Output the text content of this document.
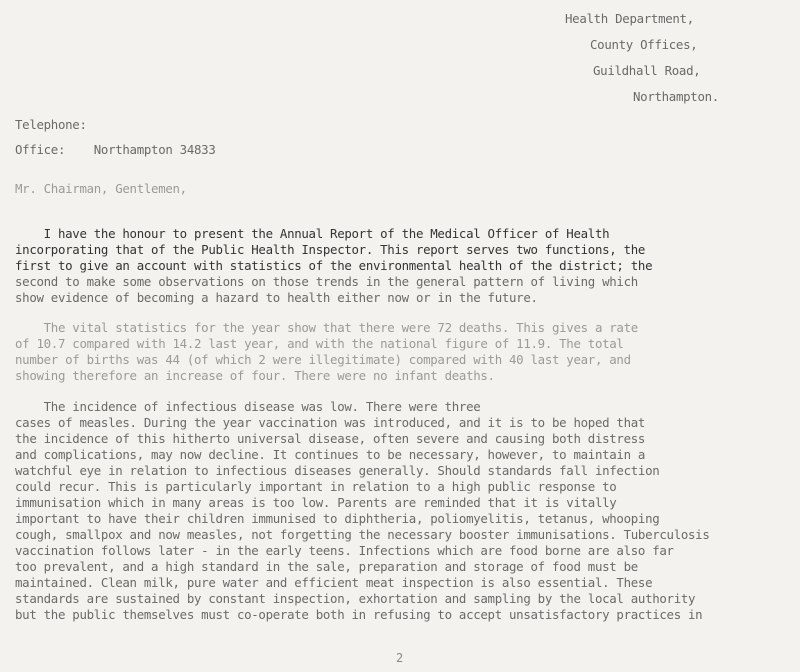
Health Department,
County Offices,
Guildhall Road,
Northampton.
Telephone:
Office:    Northampton 34833
Mr. Chairman, Gentlemen,
I have the honour to present the Annual Report of the Medical Officer of Health
incorporating that of the Public Health Inspector. This report serves two functions, the
first to give an account with statistics of the environmental health of the district; the
second to make some observations on those trends in the general pattern of living which
show evidence of becoming a hazard to health either now or in the future.
The vital statistics for the year show that there were 72 deaths. This gives a rate
of 10.7 compared with 14.2 last year, and with the national figure of 11.9. The total
number of births was 44 (of which 2 were illegitimate) compared with 40 last year, and
showing therefore an increase of four. There were no infant deaths.
The incidence of infectious disease was low. There were three
cases of measles. During the year vaccination was introduced, and it is to be hoped that
the incidence of this hitherto universal disease, often severe and causing both distress
and complications, may now decline. It continues to be necessary, however, to maintain a
watchful eye in relation to infectious diseases generally. Should standards fall infection
could recur. This is particularly important in relation to a high public response to
immunisation which in many areas is too low. Parents are reminded that it is vitally
important to have their children immunised to diphtheria, poliomyelitis, tetanus, whooping
cough, smallpox and now measles, not forgetting the necessary booster immunisations. Tuberculosis
vaccination follows later - in the early teens. Infections which are food borne are also far
too prevalent, and a high standard in the sale, preparation and storage of food must be
maintained. Clean milk, pure water and efficient meat inspection is also essential. These
standards are sustained by constant inspection, exhortation and sampling by the local authority
but the public themselves must co-operate both in refusing to accept unsatisfactory practices in
2
